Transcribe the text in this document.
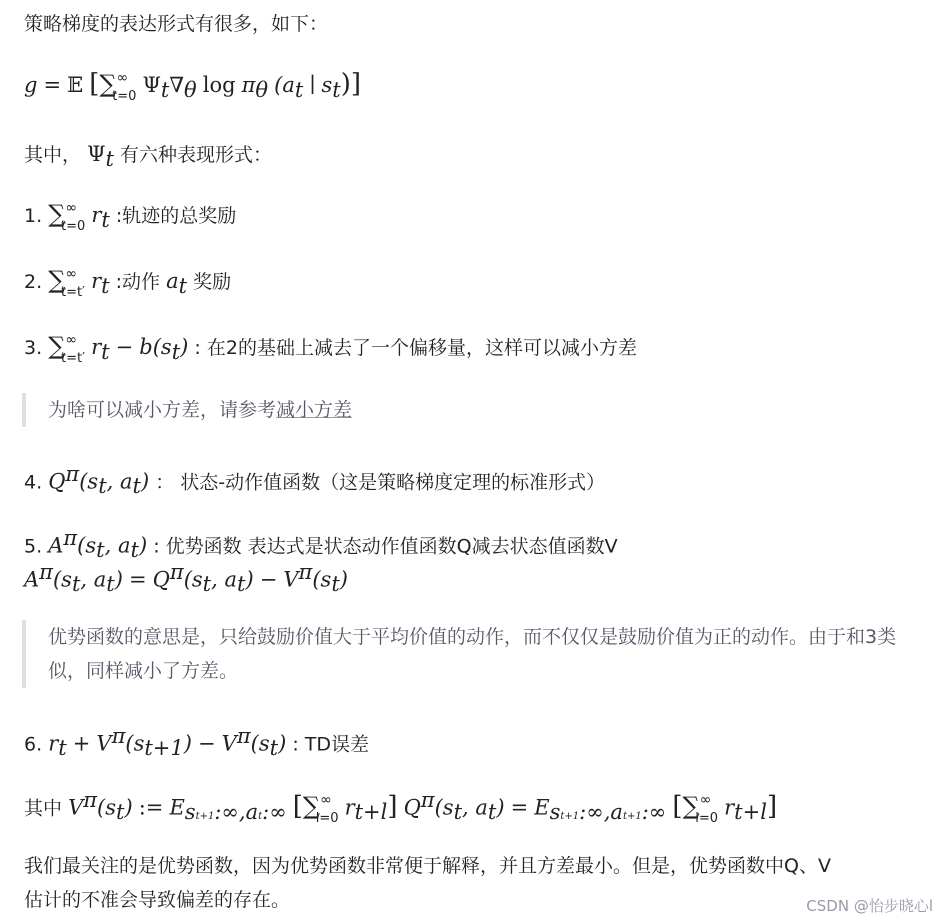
策略梯度的表达形式有很多，如下：
g = 𝔼 [$\sum^\infty_{t=0}$ $\Psi_t\nabla_\theta$ $\log \pi_\theta$ ($a_t$ ∣ $s_t$)]
其中， $\Psi_t$ 有六种表现形式：
1. $\sum^\infty_{t=0}$ $r_t$ :轨迹的总奖励
2. $\sum^\infty_{t=t'}$ $r_t$ :动作 $a_t$ 奖励
3. $\sum^\infty_{t=t'}$ $r_t - b(s_t)$ : 在2的基础上减去了一个偏移量，这样可以减小方差
为啥可以减小方差，请参考减小方差
4. $Q^\pi(s_t$, $a_t$) ： 状态-动作值函数（这是策略梯度定理的标准形式）
5. $A^\pi(s_t$, $a_t$) : 优势函数 表达式是状态动作值函数Q减去状态值函数V
$A^\pi(s_t$, $a_t) = Q^\pi(s_t$, $a_t) - V^\pi(s_t)$
优势函数的意思是，只给鼓励价值大于平均价值的动作，而不仅仅是鼓励价值为正的动作。由于和3类似，同样减小了方差。
6. $r_t + V^\pi(s_{t+1}) - V^\pi(s_t)$ : TD误差
其中 $V^\pi(s_t)$ := $E_{st+1:\infty,at:\infty}$ [$\sum^\infty_{l=0}$ $r_{t+l}$] $Q^\pi(s_t$, $a_t) = E_{st+1:\infty,at+1:\infty}$ [$\sum^\infty_{l=0}$ $r_{t+l}$]
我们最关注的是优势函数，因为优势函数非常便于解释，并且方差最小。但是，优势函数中Q、V
估计的不准会导致偏差的存在。	CSDN @怡步晓心l
